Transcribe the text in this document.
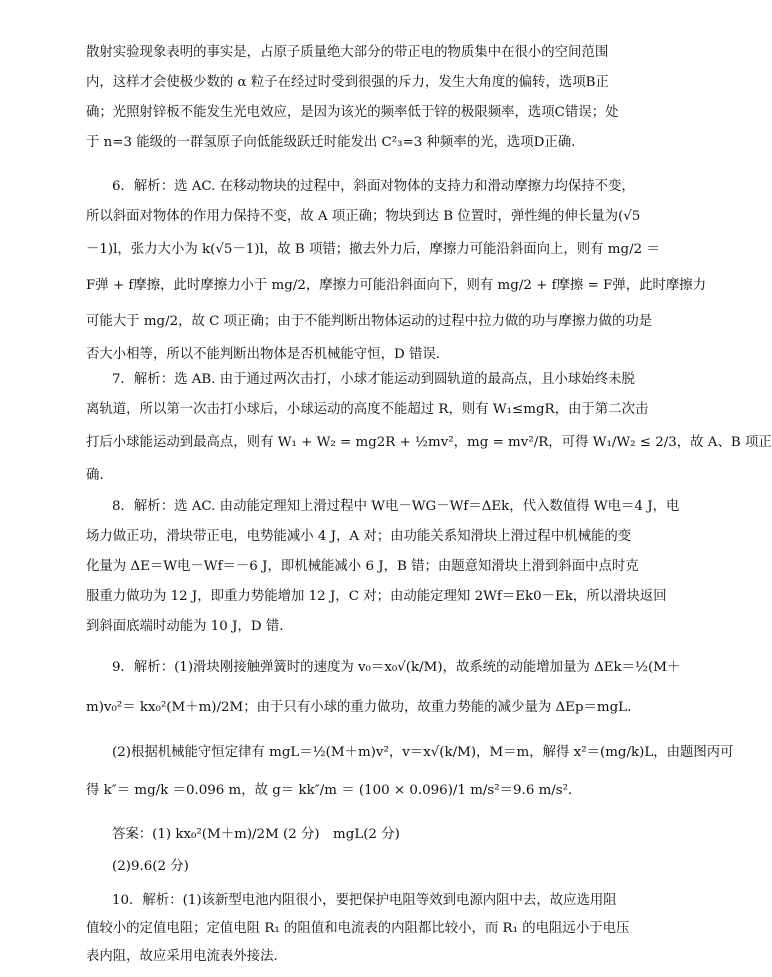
散射实验现象表明的事实是，占原子质量绝大部分的带正电的物质集中在很小的空间范围
内，这样才会使极少数的 α 粒子在经过时受到很强的斥力，发生大角度的偏转，选项B正
确；光照射锌板不能发生光电效应，是因为该光的频率低于锌的极限频率，选项C错误；处
于 n=3 能级的一群氢原子向低能级跃迁时能发出 C²₃=3 种频率的光，选项D正确.
6．解析：选 AC. 在移动物块的过程中，斜面对物体的支持力和滑动摩擦力均保持不变，
所以斜面对物体的作用力保持不变，故 A 项正确；物块到达 B 位置时，弹性绳的伸长量为(√5
－1)l，张力大小为 k(√5－1)l，故 B 项错；撤去外力后，摩擦力可能沿斜面向上，则有 mg/2 ＝
F弹 + f摩擦，此时摩擦力小于 mg/2，摩擦力可能沿斜面向下，则有 mg/2 + f摩擦 = F弹，此时摩擦力
可能大于 mg/2，故 C 项正确；由于不能判断出物体运动的过程中拉力做的功与摩擦力做的功是
否大小相等，所以不能判断出物体是否机械能守恒，D 错误.
7．解析：选 AB. 由于通过两次击打，小球才能运动到圆轨道的最高点，且小球始终未脱
离轨道，所以第一次击打小球后，小球运动的高度不能超过 R，则有 W₁≤mgR，由于第二次击
打后小球能运动到最高点，则有 W₁ + W₂ = mg2R + ½mv²，mg = mv²/R，可得 W₁/W₂ ≤ 2/3，故 A、B 项正
确.
8．解析：选 AC. 由动能定理知上滑过程中 W电－WG－Wf＝ΔEk，代入数值得 W电＝4 J，电
场力做正功，滑块带正电，电势能减小 4 J，A 对；由功能关系知滑块上滑过程中机械能的变
化量为 ΔE＝W电－Wf＝－6 J，即机械能减小 6 J，B 错；由题意知滑块上滑到斜面中点时克
服重力做功为 12 J，即重力势能增加 12 J，C 对；由动能定理知 2Wf＝Ek0－Ek，所以滑块返回
到斜面底端时动能为 10 J，D 错.
9．解析：(1)滑块刚接触弹簧时的速度为 v₀＝x₀√(k/M)，故系统的动能增加量为 ΔEk＝½(M＋
m)v₀²＝ kx₀²(M＋m)/2M；由于只有小球的重力做功，故重力势能的减少量为 ΔEp＝mgL.
(2)根据机械能守恒定律有 mgL＝½(M＋m)v²，v＝x√(k/M)，M＝m，解得 x²＝(mg/k)L，由题图丙可
得 k″＝ mg/k ＝0.096 m，故 g＝ kk″/m ＝ (100 × 0.096)/1 m/s²＝9.6 m/s².
答案：(1) kx₀²(M＋m)/2M (2 分)　mgL(2 分)
(2)9.6(2 分)
10．解析：(1)该新型电池内阻很小，要把保护电阻等效到电源内阻中去，故应选用阻
值较小的定值电阻；定值电阻 R₁ 的阻值和电流表的内阻都比较小，而 R₁ 的电阻远小于电压
表内阻，故应采用电流表外接法.
